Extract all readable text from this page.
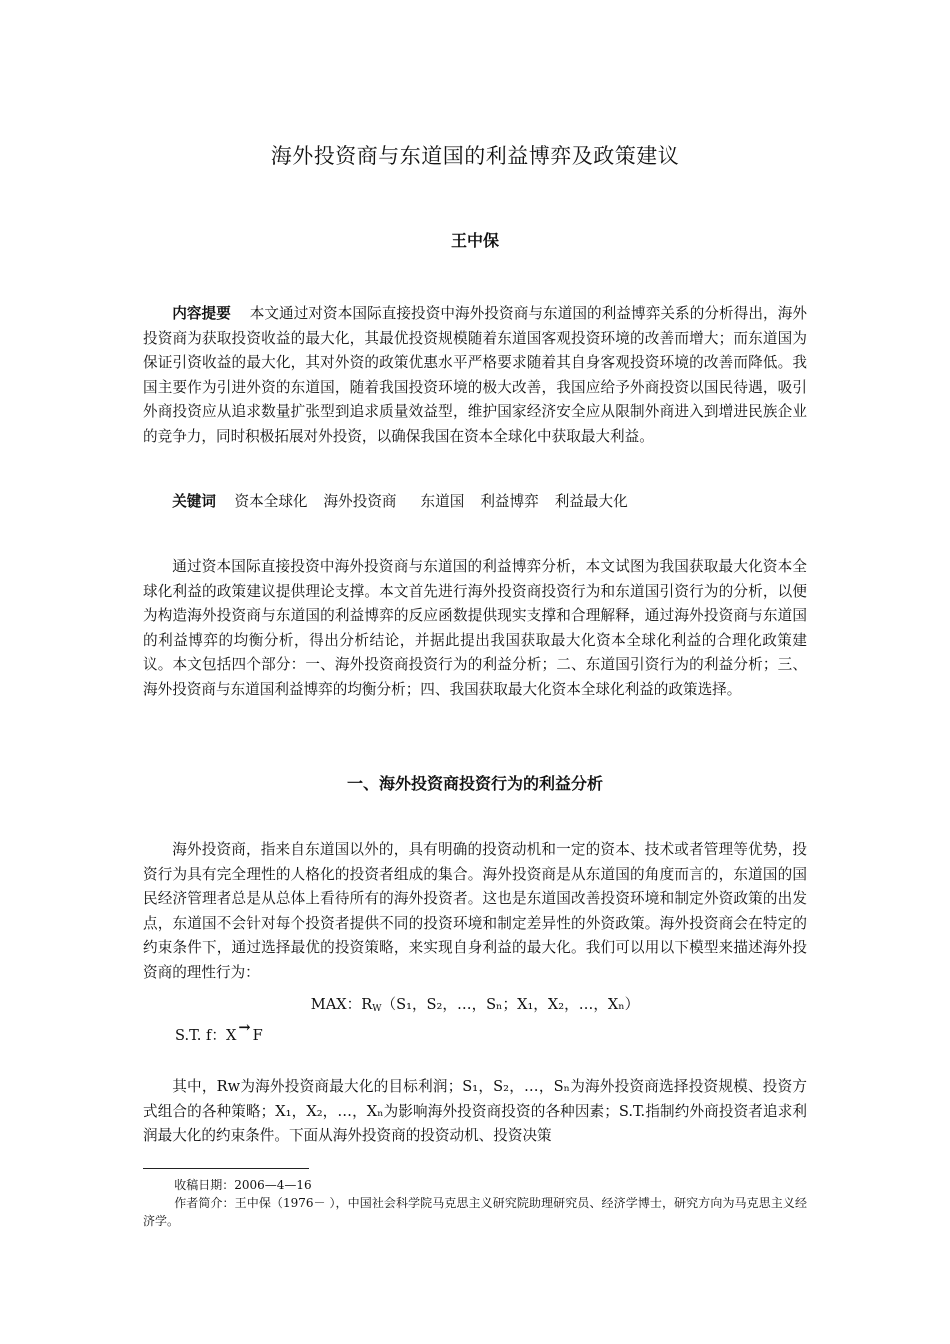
海外投资商与东道国的利益博弈及政策建议
王中保
内容提要 本文通过对资本国际直接投资中海外投资商与东道国的利益博弈关系的分析得出，海外投资商为获取投资收益的最大化，其最优投资规模随着东道国客观投资环境的改善而增大；而东道国为保证引资收益的最大化，其对外资的政策优惠水平严格要求随着其自身客观投资环境的改善而降低。我国主要作为引进外资的东道国，随着我国投资环境的极大改善，我国应给予外商投资以国民待遇，吸引外商投资应从追求数量扩张型到追求质量效益型，维护国家经济安全应从限制外商进入到增进民族企业的竞争力，同时积极拓展对外投资，以确保我国在资本全球化中获取最大利益。
关键词 资本全球化 海外投资商 东道国 利益博弈 利益最大化
通过资本国际直接投资中海外投资商与东道国的利益博弈分析，本文试图为我国获取最大化资本全球化利益的政策建议提供理论支撑。本文首先进行海外投资商投资行为和东道国引资行为的分析，以便为构造海外投资商与东道国的利益博弈的反应函数提供现实支撑和合理解释，通过海外投资商与东道国的利益博弈的均衡分析，得出分析结论，并据此提出我国获取最大化资本全球化利益的合理化政策建议。本文包括四个部分：一、海外投资商投资行为的利益分析；二、东道国引资行为的利益分析；三、海外投资商与东道国利益博弈的均衡分析；四、我国获取最大化资本全球化利益的政策选择。
一、海外投资商投资行为的利益分析
海外投资商，指来自东道国以外的，具有明确的投资动机和一定的资本、技术或者管理等优势，投资行为具有完全理性的人格化的投资者组成的集合。海外投资商是从东道国的角度而言的，东道国的国民经济管理者总是从总体上看待所有的海外投资者。这也是东道国改善投资环境和制定外资政策的出发点，东道国不会针对每个投资者提供不同的投资环境和制定差异性的外资政策。海外投资商会在特定的约束条件下，通过选择最优的投资策略，来实现自身利益的最大化。我们可以用以下模型来描述海外投资商的理性行为：
MAX：$R_W(S_1$，S₂，…，Sₙ；X₁，X₂，…，Xₙ）
S.T. f：X → F
其中，Rw为海外投资商最大化的目标利润；S₁，S₂，…，Sₙ为海外投资商选择投资规模、投资方式组合的各种策略；X₁，X₂，…，Xₙ为影响海外投资商投资的各种因素；S.T.指制约外商投资者追求利润最大化的约束条件。下面从海外投资商的投资动机、投资决策
收稿日期：2006—4—16
作者简介：王中保（1976－ ），中国社会科学院马克思主义研究院助理研究员、经济学博士，研究方向为马克思主义经济学。
